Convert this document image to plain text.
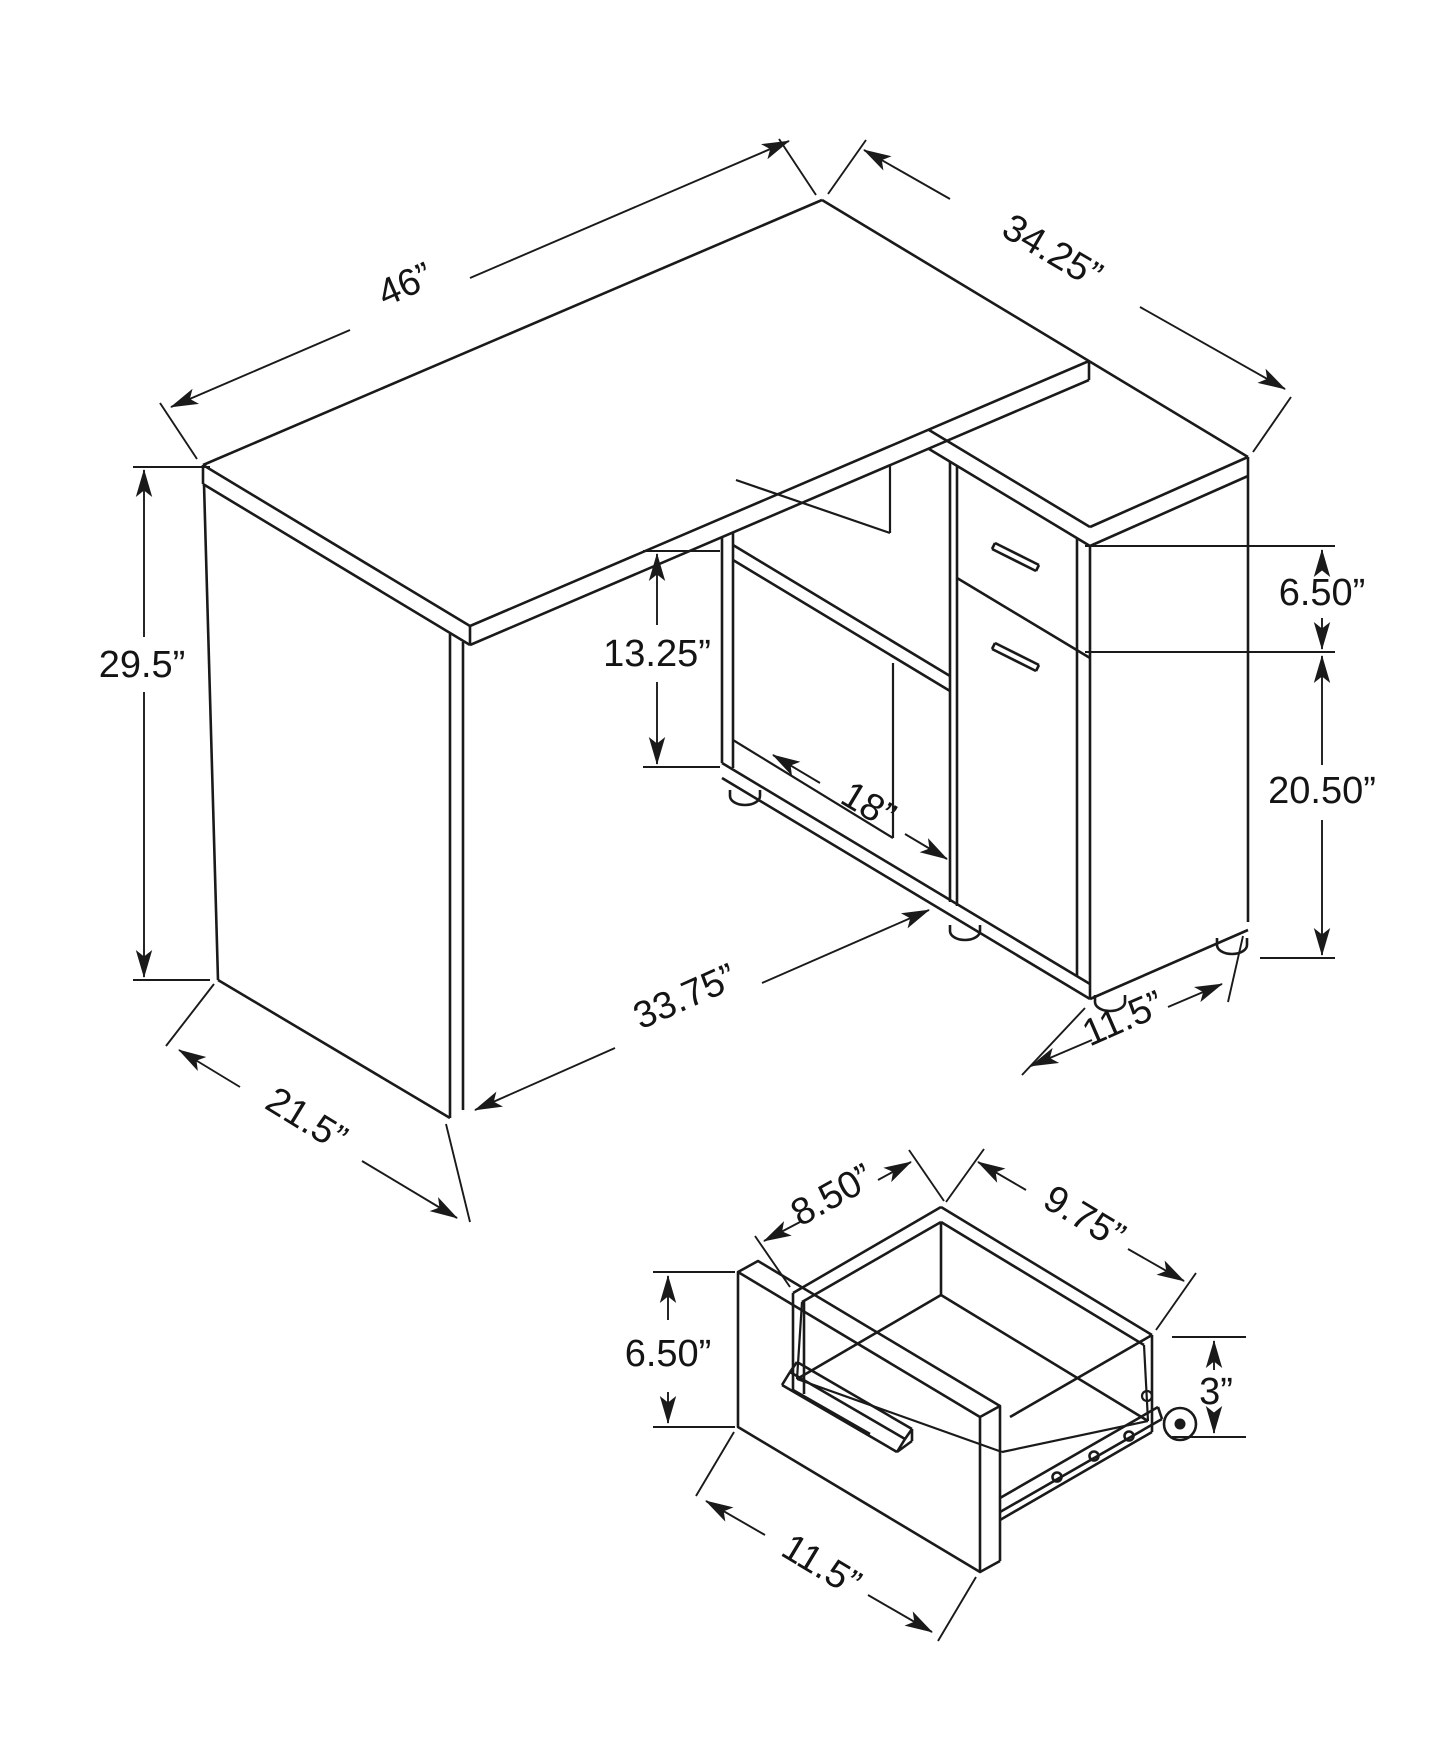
46”	34.25”
29.5”	13.25”
18”
6.50”
20.50”
33.75”
21.5”
11.5”
8.50”	9.75”
6.50”
3”
11.5”
